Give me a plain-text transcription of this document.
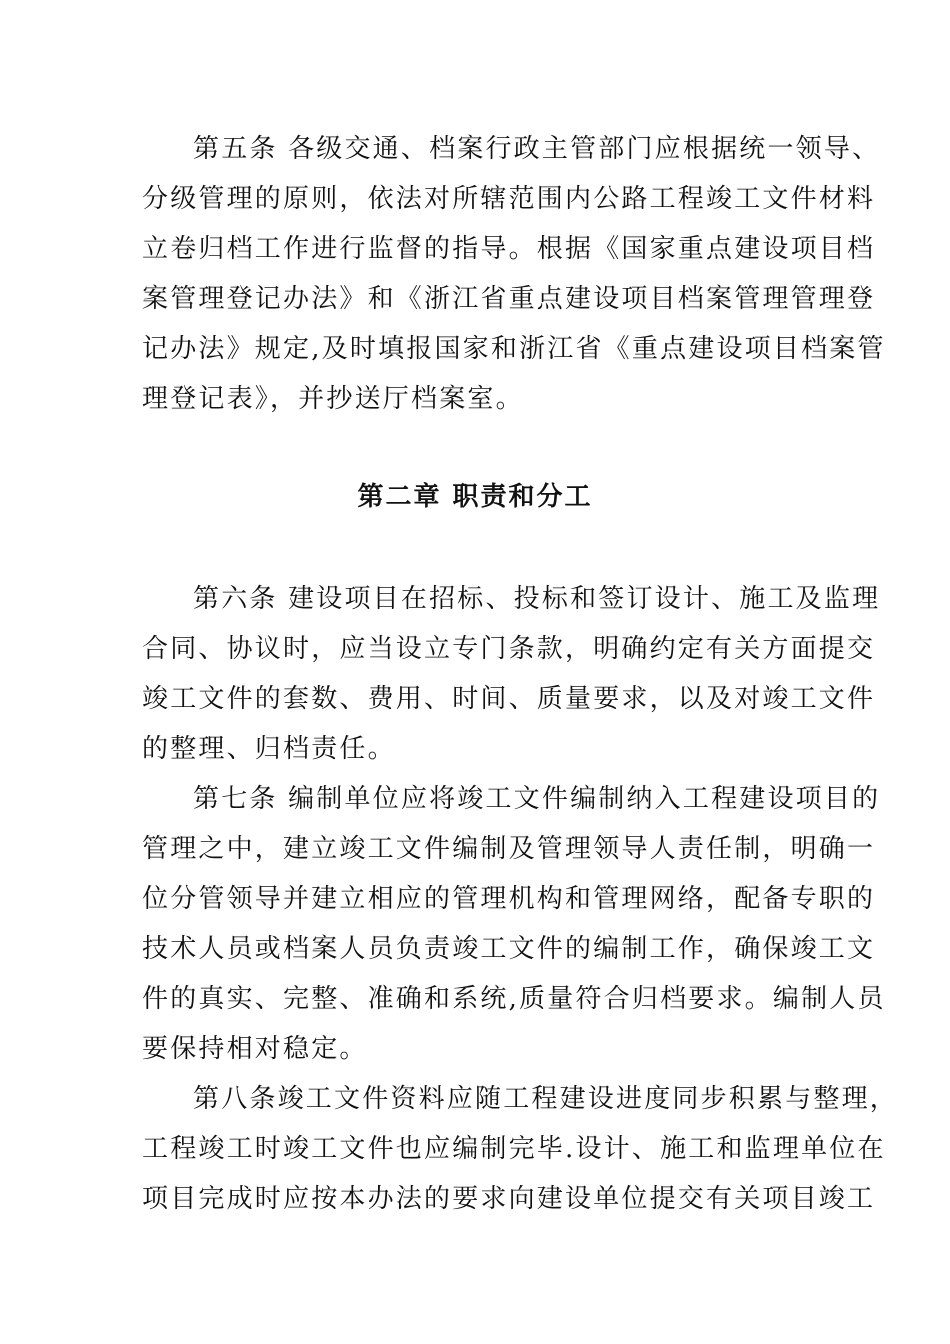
第五条 各级交通、档案行政主管部门应根据统一领导、

分级管理的原则，依法对所辖范围内公路工程竣工文件材料

立卷归档工作进行监督的指导。根据《国家重点建设项目档

案管理登记办法》和《浙江省重点建设项目档案管理管理登

记办法》规定,及时填报国家和浙江省《重点建设项目档案管

理登记表》，并抄送厅档案室。

第二章 职责和分工

第六条 建设项目在招标、投标和签订设计、施工及监理

合同、协议时，应当设立专门条款，明确约定有关方面提交

竣工文件的套数、费用、时间、质量要求，以及对竣工文件

的整理、归档责任。

第七条 编制单位应将竣工文件编制纳入工程建设项目的

管理之中，建立竣工文件编制及管理领导人责任制，明确一

位分管领导并建立相应的管理机构和管理网络，配备专职的

技术人员或档案人员负责竣工文件的编制工作，确保竣工文

件的真实、完整、准确和系统,质量符合归档要求。编制人员

要保持相对稳定。

第八条竣工文件资料应随工程建设进度同步积累与整理，

工程竣工时竣工文件也应编制完毕.设计、施工和监理单位在

项目完成时应按本办法的要求向建设单位提交有关项目竣工
